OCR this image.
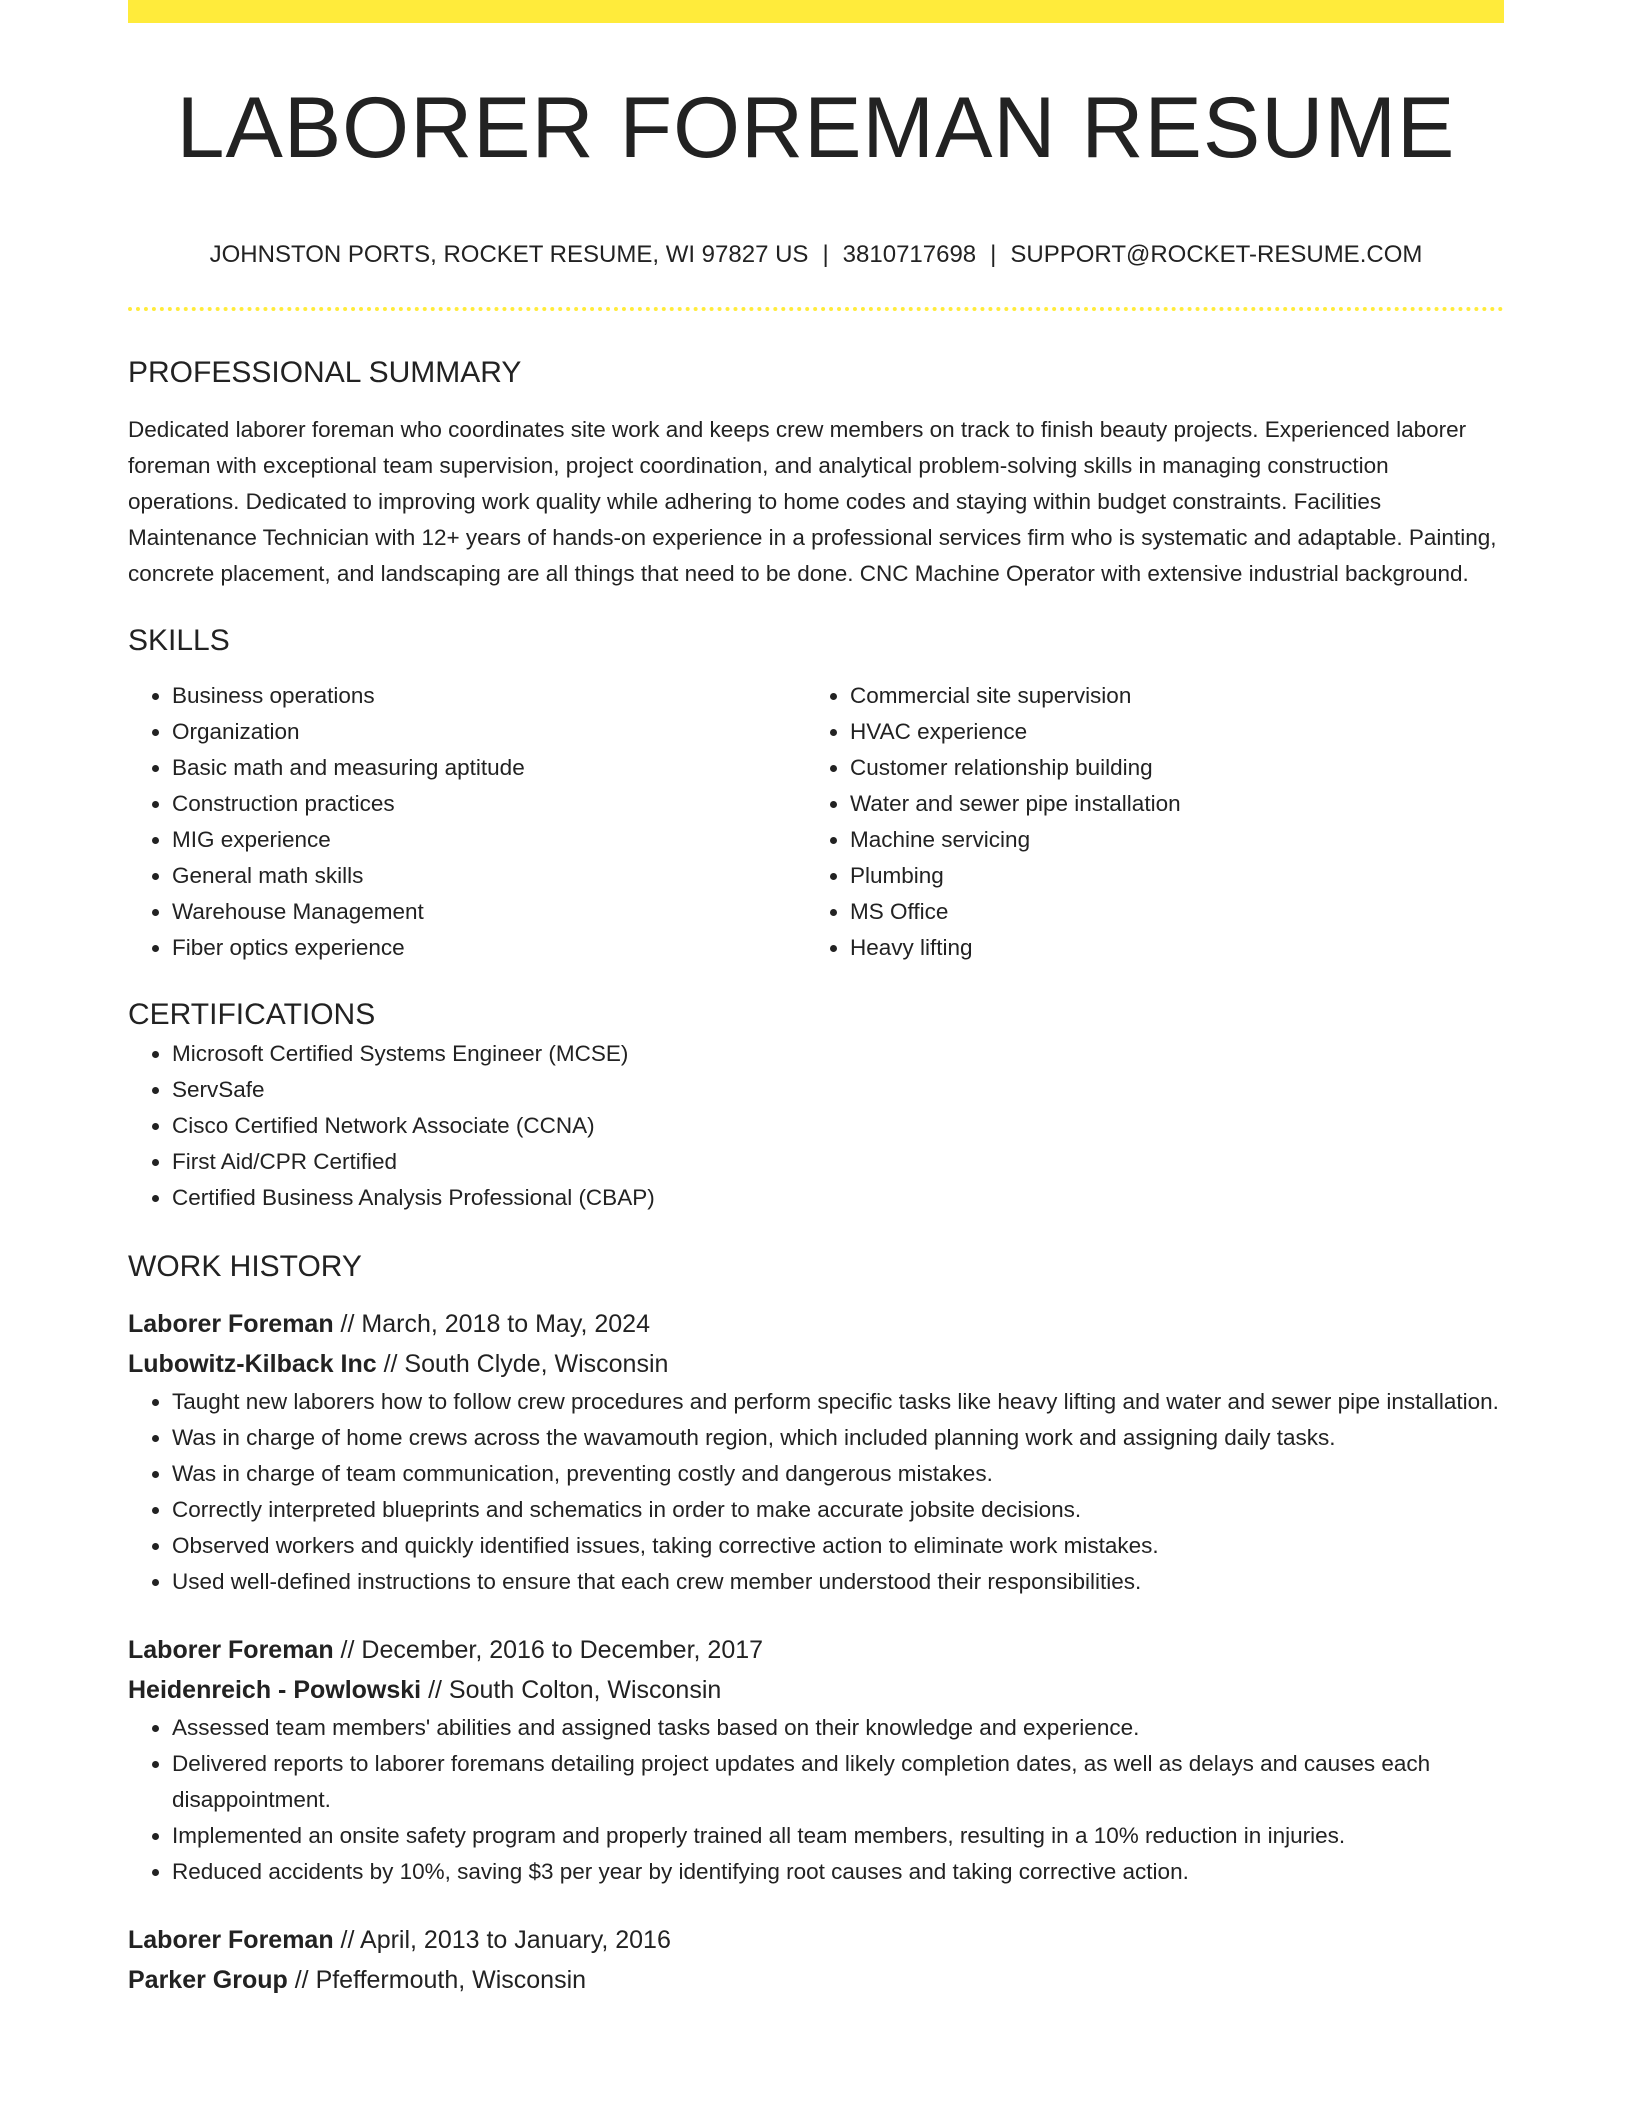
LABORER FOREMAN RESUME
JOHNSTON PORTS, ROCKET RESUME, WI 97827 US | 3810717698 | SUPPORT@ROCKET-RESUME.COM
PROFESSIONAL SUMMARY

Dedicated laborer foreman who coordinates site work and keeps crew members on track to finish beauty projects. Experienced laborer foreman with exceptional team supervision, project coordination, and analytical problem-solving skills in managing construction operations. Dedicated to improving work quality while adhering to home codes and staying within budget constraints. Facilities Maintenance Technician with 12+ years of hands-on experience in a professional services firm who is systematic and adaptable. Painting, concrete placement, and landscaping are all things that need to be done. CNC Machine Operator with extensive industrial background.

SKILLS
• Business operations
• Organization
• Basic math and measuring aptitude
• Construction practices
• MIG experience
• General math skills
• Warehouse Management
• Fiber optics experience
• Commercial site supervision
• HVAC experience
• Customer relationship building
• Water and sewer pipe installation
• Machine servicing
• Plumbing
• MS Office
• Heavy lifting
CERTIFICATIONS
• Microsoft Certified Systems Engineer (MCSE)
• ServSafe
• Cisco Certified Network Associate (CCNA)
• First Aid/CPR Certified
• Certified Business Analysis Professional (CBAP)
WORK HISTORY
Laborer Foreman // March, 2018 to May, 2024
Lubowitz-Kilback Inc // South Clyde, Wisconsin
• Taught new laborers how to follow crew procedures and perform specific tasks like heavy lifting and water and sewer pipe installation.
• Was in charge of home crews across the wavamouth region, which included planning work and assigning daily tasks.
• Was in charge of team communication, preventing costly and dangerous mistakes.
• Correctly interpreted blueprints and schematics in order to make accurate jobsite decisions.
• Observed workers and quickly identified issues, taking corrective action to eliminate work mistakes.
• Used well-defined instructions to ensure that each crew member understood their responsibilities.
Laborer Foreman // December, 2016 to December, 2017
Heidenreich - Powlowski // South Colton, Wisconsin
• Assessed team members' abilities and assigned tasks based on their knowledge and experience.
• Delivered reports to laborer foremans detailing project updates and likely completion dates, as well as delays and causes each disappointment.
• Implemented an onsite safety program and properly trained all team members, resulting in a 10% reduction in injuries.
• Reduced accidents by 10%, saving $3 per year by identifying root causes and taking corrective action.
Laborer Foreman // April, 2013 to January, 2016
Parker Group // Pfeffermouth, Wisconsin
